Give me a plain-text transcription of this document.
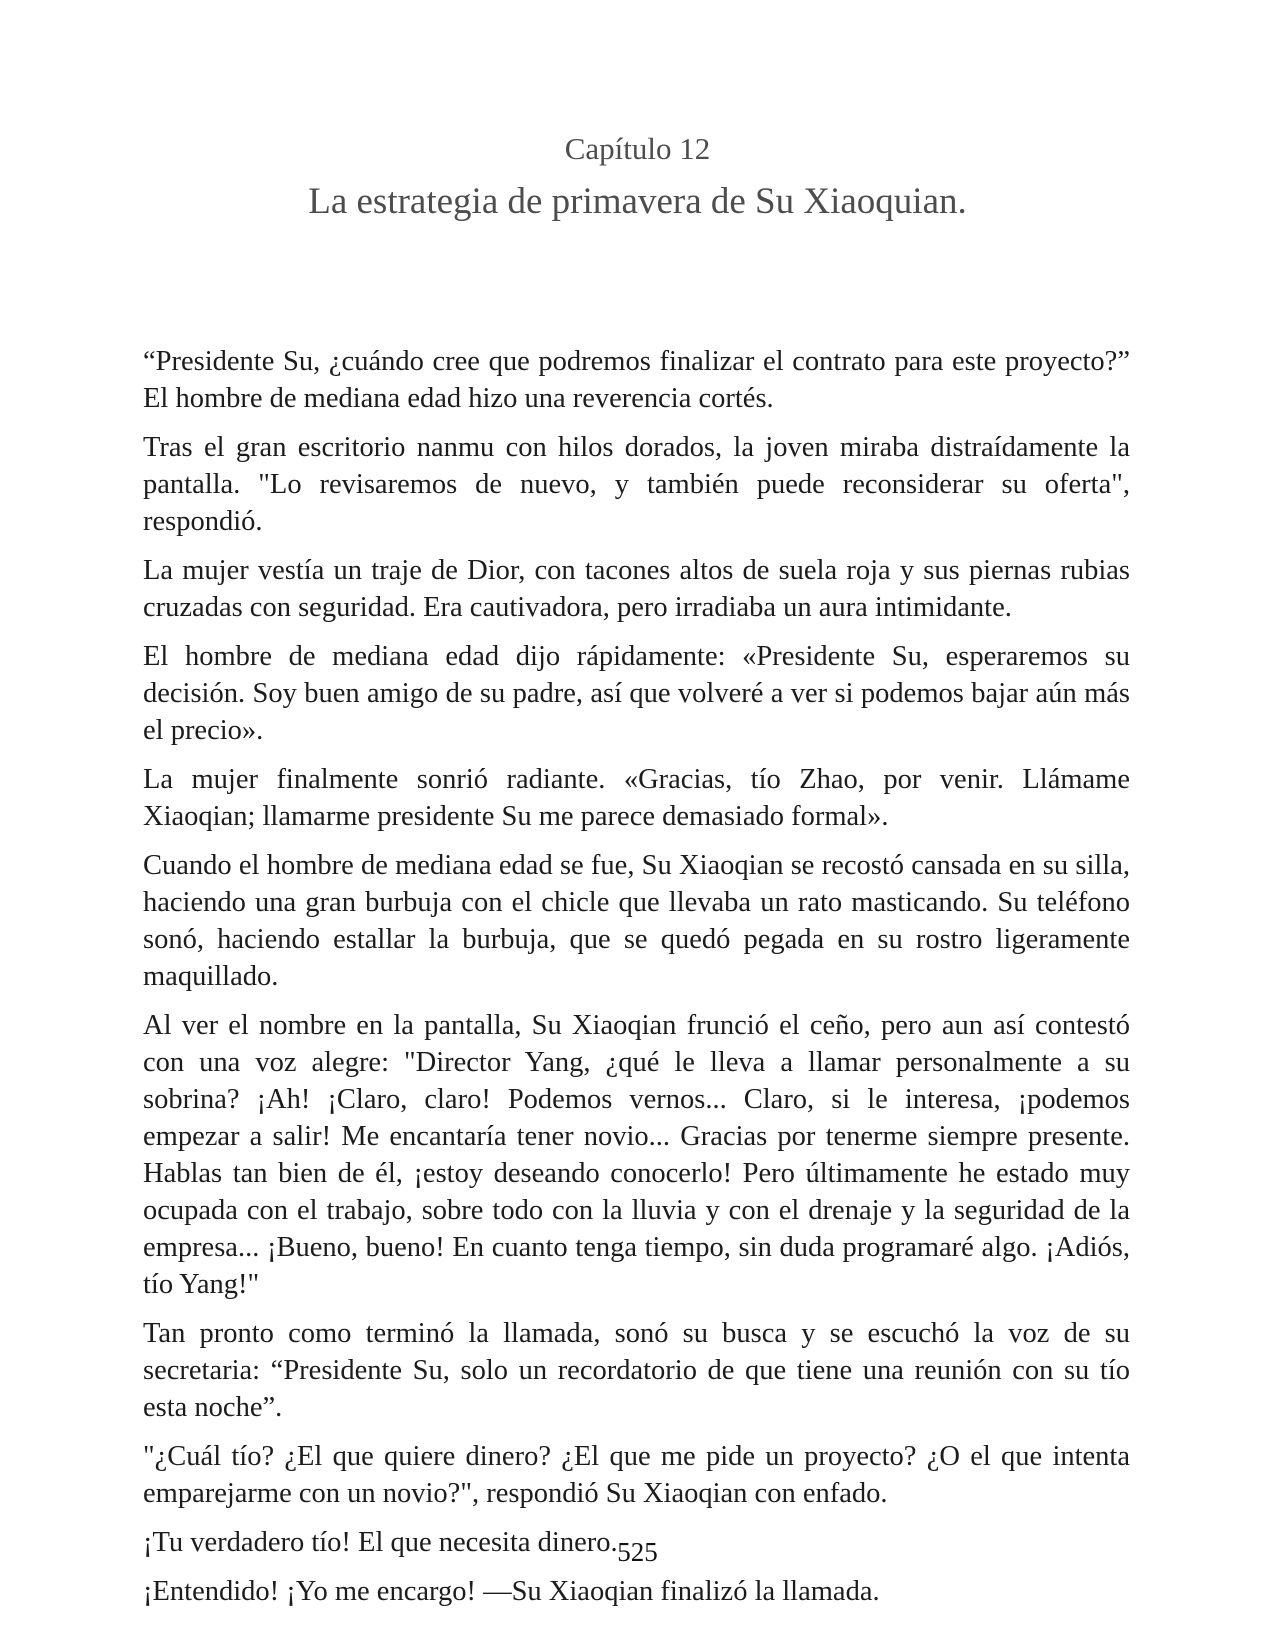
Capítulo 12
La estrategia de primavera de Su Xiaoquian.

“Presidente Su, ¿cuándo cree que podremos finalizar el contrato para este proyecto?” El hombre de mediana edad hizo una reverencia cortés.

Tras el gran escritorio nanmu con hilos dorados, la joven miraba distraídamente la pantalla. "Lo revisaremos de nuevo, y también puede reconsiderar su oferta", respondió.

La mujer vestía un traje de Dior, con tacones altos de suela roja y sus piernas rubias cruzadas con seguridad. Era cautivadora, pero irradiaba un aura intimidante.

El hombre de mediana edad dijo rápidamente: «Presidente Su, esperaremos su decisión. Soy buen amigo de su padre, así que volveré a ver si podemos bajar aún más el precio».

La mujer finalmente sonrió radiante. «Gracias, tío Zhao, por venir. Llámame Xiaoqian; llamarme presidente Su me parece demasiado formal».

Cuando el hombre de mediana edad se fue, Su Xiaoqian se recostó cansada en su silla, haciendo una gran burbuja con el chicle que llevaba un rato masticando. Su teléfono sonó, haciendo estallar la burbuja, que se quedó pegada en su rostro ligeramente maquillado.

Al ver el nombre en la pantalla, Su Xiaoqian frunció el ceño, pero aun así contestó con una voz alegre: "Director Yang, ¿qué le lleva a llamar personalmente a su sobrina? ¡Ah! ¡Claro, claro! Podemos vernos... Claro, si le interesa, ¡podemos empezar a salir! Me encantaría tener novio... Gracias por tenerme siempre presente. Hablas tan bien de él, ¡estoy deseando conocerlo! Pero últimamente he estado muy ocupada con el trabajo, sobre todo con la lluvia y con el drenaje y la seguridad de la empresa... ¡Bueno, bueno! En cuanto tenga tiempo, sin duda programaré algo. ¡Adiós, tío Yang!"

Tan pronto como terminó la llamada, sonó su busca y se escuchó la voz de su secretaria: “Presidente Su, solo un recordatorio de que tiene una reunión con su tío esta noche”.

"¿Cuál tío? ¿El que quiere dinero? ¿El que me pide un proyecto? ¿O el que intenta emparejarme con un novio?", respondió Su Xiaoqian con enfado.

¡Tu verdadero tío! El que necesita dinero.

¡Entendido! ¡Yo me encargo! —Su Xiaoqian finalizó la llamada.

525
